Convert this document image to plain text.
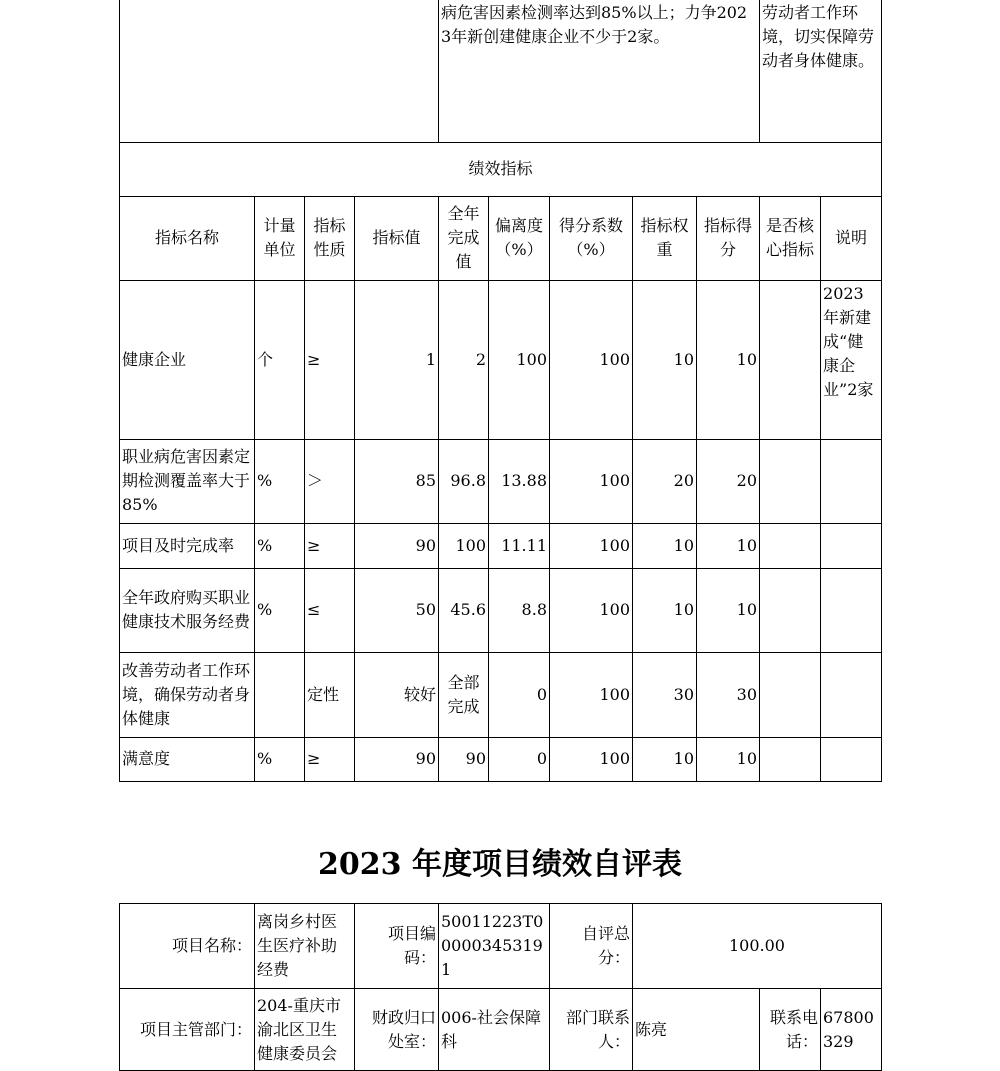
				病危害因素检测率达到85%以上；力争2023年新创建健康企业不少于2家。					劳动者工作环境，切实保障劳动者身体健康。	
绩效指标										
指标名称	计量单位	指标性质	指标值	全年完成值	偏离度（%）	得分系数（%）	指标权重	指标得分	是否核心指标	说明
健康企业	个	≥	1	2	100	100	10	10		2023年新建成“健康企业”2家
职业病危害因素定期检测覆盖率大于85%	%	＞	85	96.8	13.88	100	20	20		
项目及时完成率	%	≥	90	100	11.11	100	10	10		
全年政府购买职业健康技术服务经费	%	≤	50	45.6	8.8	100	10	10		
改善劳动者工作环境，确保劳动者身体健康		定性	较好	全部完成	0	100	30	30		
满意度	%	≥	90	90	0	100	10	10		
2023 年度项目绩效自评表
项目名称：	离岗乡村医生医疗补助经费	项目编码：	50011223T000003453191	自评总分：	100.00		
项目主管部门：	204-重庆市渝北区卫生健康委员会	财政归口处室：	006-社会保障科	部门联系人：	陈亮	联系电话：	67800329
